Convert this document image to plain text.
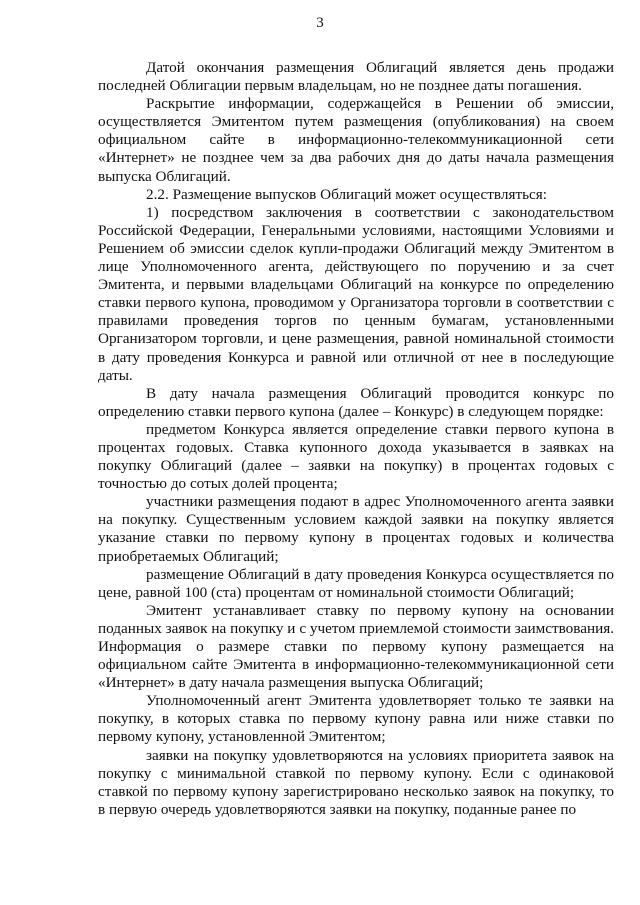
3

Датой окончания размещения Облигаций является день продажи последней Облигации первым владельцам, но не позднее даты погашения.

Раскрытие информации, содержащейся в Решении об эмиссии, осуществляется Эмитентом путем размещения (опубликования) на своем официальном сайте в информационно-телекоммуникационной сети «Интернет» не позднее чем за два рабочих дня до даты начала размещения выпуска Облигаций.

2.2. Размещение выпусков Облигаций может осуществляться:

1) посредством заключения в соответствии с законодательством Российской Федерации, Генеральными условиями, настоящими Условиями и Решением об эмиссии сделок купли-продажи Облигаций между Эмитентом в лице Уполномоченного агента, действующего по поручению и за счет Эмитента, и первыми владельцами Облигаций на конкурсе по определению ставки первого купона, проводимом у Организатора торговли в соответствии с правилами проведения торгов по ценным бумагам, установленными Организатором торговли, и цене размещения, равной номинальной стоимости в дату проведения Конкурса и равной или отличной от нее в последующие даты.

В дату начала размещения Облигаций проводится конкурс по определению ставки первого купона (далее – Конкурс) в следующем порядке:

предметом Конкурса является определение ставки первого купона в процентах годовых. Ставка купонного дохода указывается в заявках на покупку Облигаций (далее – заявки на покупку) в процентах годовых с точностью до сотых долей процента;

участники размещения подают в адрес Уполномоченного агента заявки на покупку. Существенным условием каждой заявки на покупку является указание ставки по первому купону в процентах годовых и количества приобретаемых Облигаций;

размещение Облигаций в дату проведения Конкурса осуществляется по цене, равной 100 (ста) процентам от номинальной стоимости Облигаций;

Эмитент устанавливает ставку по первому купону на основании поданных заявок на покупку и с учетом приемлемой стоимости заимствования. Информация о размере ставки по первому купону размещается на официальном сайте Эмитента в информационно-телекоммуникационной сети «Интернет» в дату начала размещения выпуска Облигаций;

Уполномоченный агент Эмитента удовлетворяет только те заявки на покупку, в которых ставка по первому купону равна или ниже ставки по первому купону, установленной Эмитентом;

заявки на покупку удовлетворяются на условиях приоритета заявок на покупку с минимальной ставкой по первому купону. Если с одинаковой ставкой по первому купону зарегистрировано несколько заявок на покупку, то в первую очередь удовлетворяются заявки на покупку, поданные ранее по
